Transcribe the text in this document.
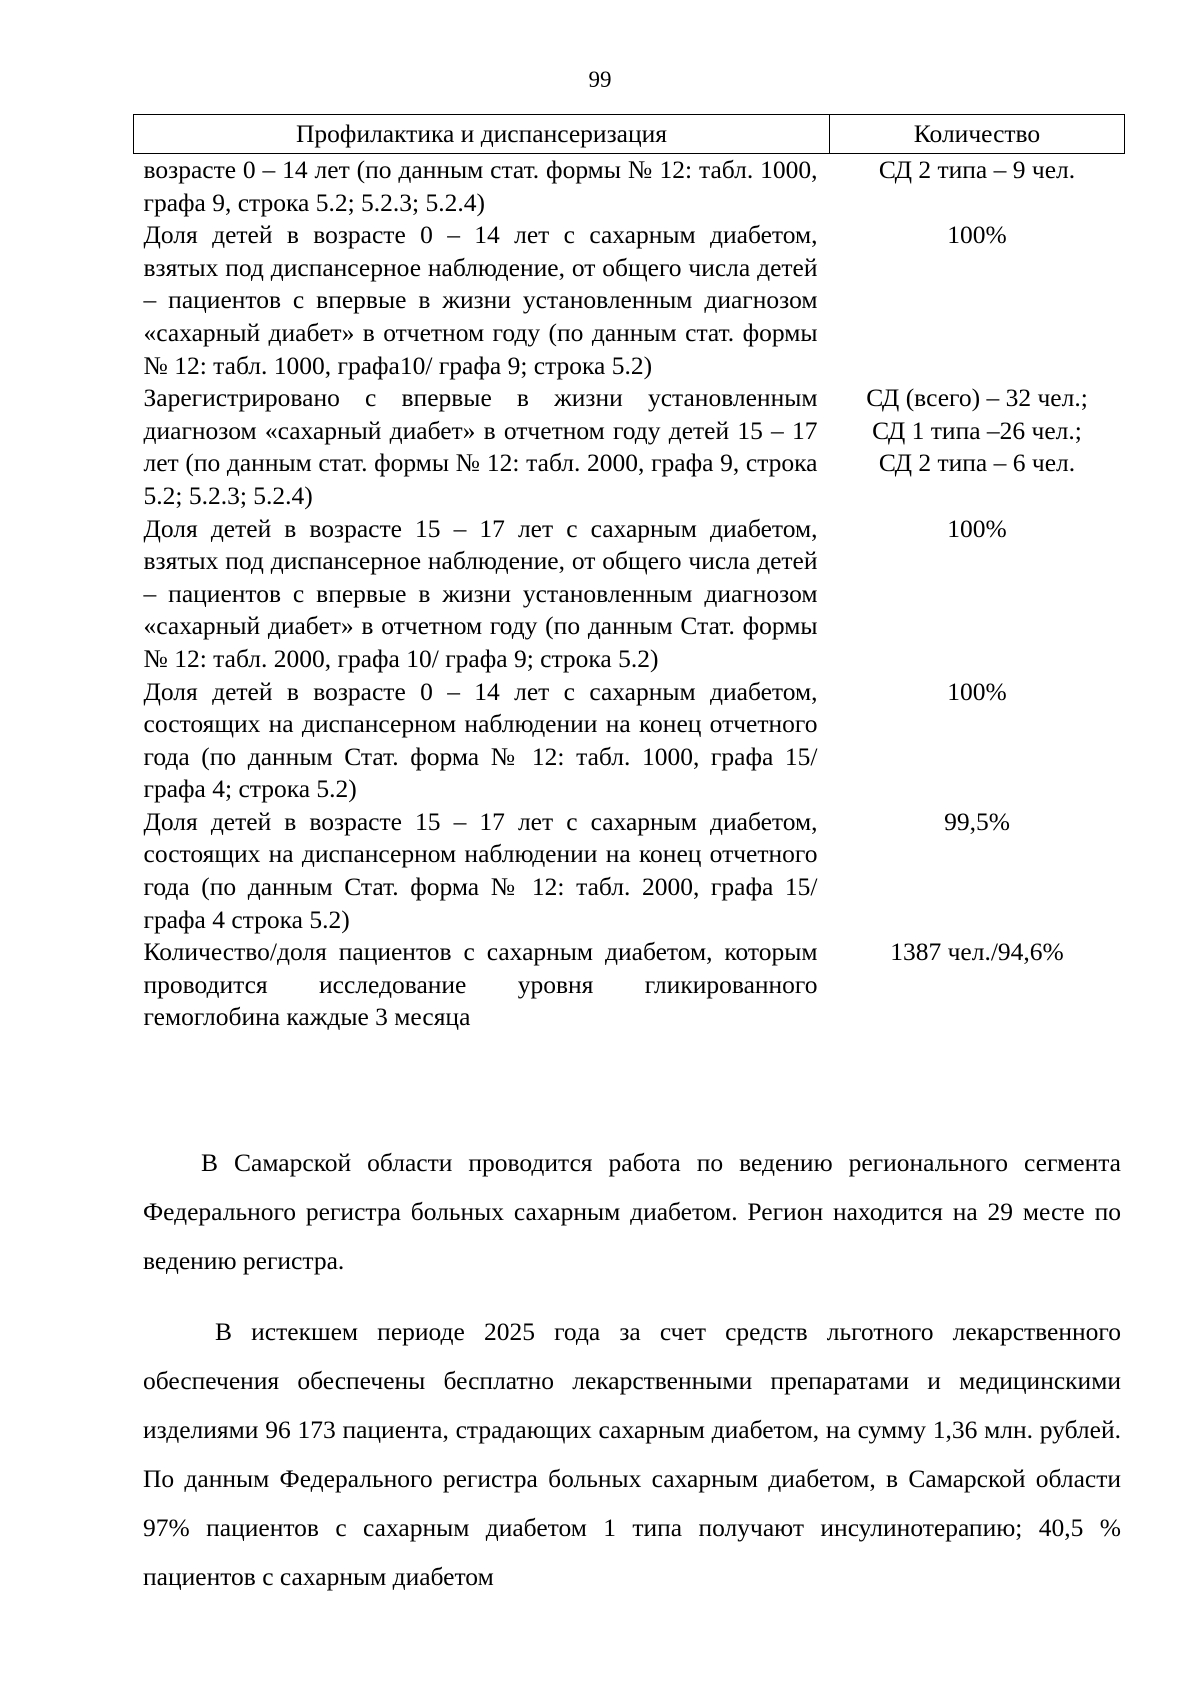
99
Профилактика и диспансеризация	Количество
возрасте 0 – 14 лет (по данным стат. формы № 12: табл. 1000, графа 9, строка 5.2; 5.2.3; 5.2.4)	СД 2 типа – 9 чел.

Доля детей в возрасте 0 – 14 лет с сахарным диабетом, взятых под диспансерное наблюдение, от общего числа детей – пациентов с впервые в жизни установленным диагнозом «сахарный диабет» в отчетном году (по данным стат. формы № 12: табл. 1000, графа10/ графа 9; строка 5.2)	100%

Зарегистрировано с впервые в жизни установленным диагнозом «сахарный диабет» в отчетном году детей 15 – 17 лет (по данным стат. формы № 12: табл. 2000, графа 9, строка 5.2; 5.2.3; 5.2.4)	СД (всего) – 32 чел.;
СД 1 типа –26 чел.;
СД 2 типа – 6 чел.

Доля детей в возрасте 15 – 17 лет с сахарным диабетом, взятых под диспансерное наблюдение, от общего числа детей – пациентов с впервые в жизни установленным диагнозом «сахарный диабет» в отчетном году (по данным Стат. формы № 12: табл. 2000, графа 10/ графа 9; строка 5.2)	100%

Доля детей в возрасте 0 – 14 лет с сахарным диабетом, состоящих на диспансерном наблюдении на конец отчетного года (по данным Стат. форма № 12: табл. 1000, графа 15/графа 4; строка 5.2)	100%

Доля детей в возрасте 15 – 17 лет с сахарным диабетом, состоящих на диспансерном наблюдении на конец отчетного года (по данным Стат. форма № 12: табл. 2000, графа 15/графа 4 строка 5.2)	99,5%

Количество/доля пациентов с сахарным диабетом, которым проводится исследование уровня гликированного гемоглобина каждые 3 месяца	1387 чел./94,6%

В Самарской области проводится работа по ведению регионального сегмента Федерального регистра больных сахарным диабетом. Регион находится на 29 месте по ведению регистра.

В истекшем периоде 2025 года за счет средств льготного лекарственного обеспечения обеспечены бесплатно лекарственными препаратами и медицинскими изделиями 96 173 пациента, страдающих сахарным диабетом, на сумму 1,36 млн. рублей. По данным Федерального регистра больных сахарным диабетом, в Самарской области 97% пациентов с сахарным диабетом 1 типа получают инсулинотерапию; 40,5 % пациентов с сахарным диабетом
